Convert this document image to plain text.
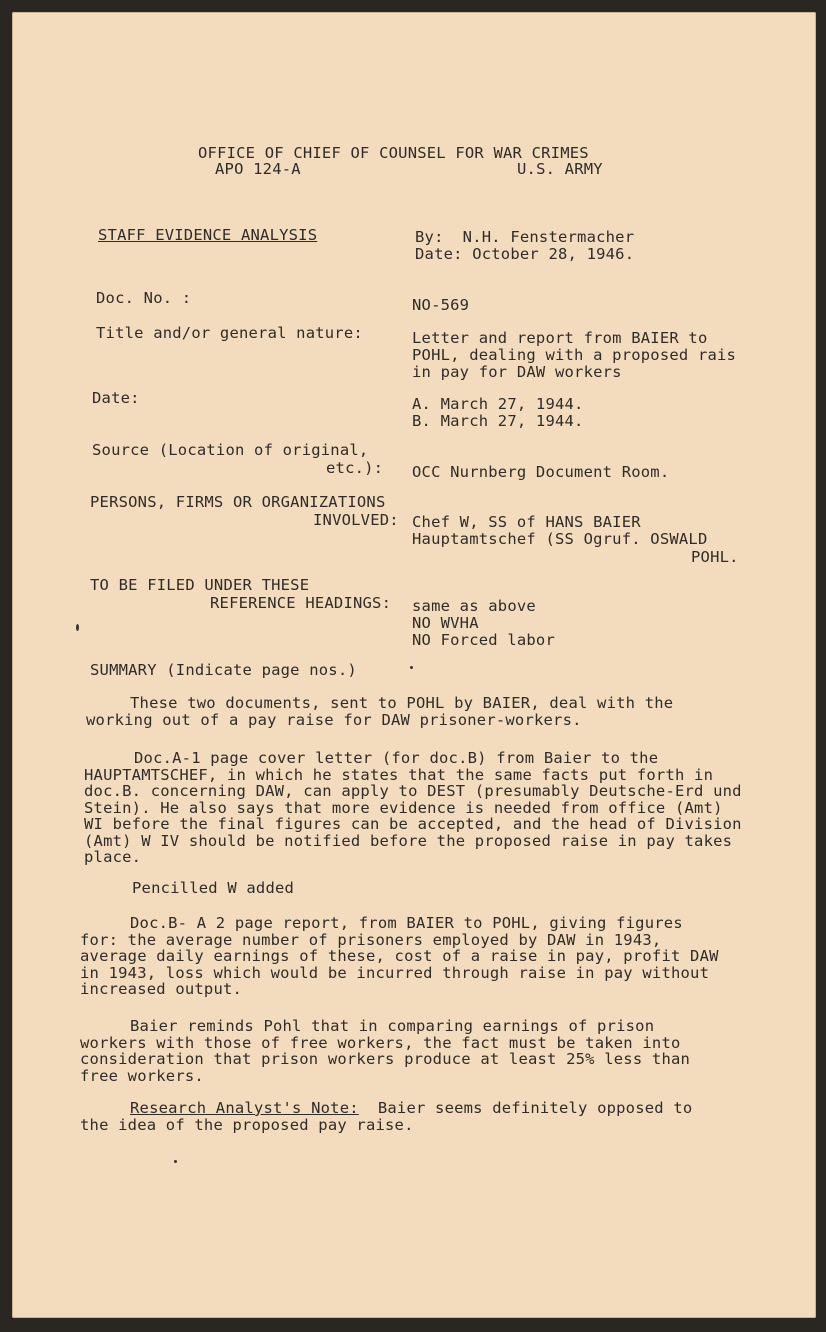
OFFICE OF CHIEF OF COUNSEL FOR WAR CRIMES
APO 124-A	U.S. ARMY
STAFF EVIDENCE ANALYSIS	By:  N.H. Fenstermacher
Date: October 28, 1946.
Doc. No. :	NO-569
Title and/or general nature:	Letter and report from BAIER to
POHL, dealing with a proposed rais
in pay for DAW workers
Date:	A. March 27, 1944.
B. March 27, 1944.
Source (Location of original,
etc.): OCC Nurnberg Document Room.
PERSONS, FIRMS OR ORGANIZATIONS
INVOLVED: Chef W, SS of HANS BAIER
Hauptamtschef (SS Ogruf. OSWALD
POHL.
TO BE FILED UNDER THESE
REFERENCE HEADINGS: same as above
NO WVHA
NO Forced labor
SUMMARY (Indicate page nos.)
These two documents, sent to POHL by BAIER, deal with the working out of a pay raise for DAW prisoner-workers.
Doc.A-1 page cover letter (for doc.B) from Baier to the HAUPTAMTSCHEF, in which he states that the same facts put forth in doc.B. concerning DAW, can apply to DEST (presumably Deutsche-Erd und Stein). He also says that more evidence is needed from office (Amt) WI before the final figures can be accepted, and the head of Division (Amt) W IV should be notified before the proposed raise in pay takes place.
Pencilled W added
Doc.B- A 2 page report, from BAIER to POHL, giving figures for: the average number of prisoners employed by DAW in 1943, average daily earnings of these, cost of a raise in pay, profit DAW in 1943, loss which would be incurred through raise in pay without increased output.
Baier reminds Pohl that in comparing earnings of prison workers with those of free workers, the fact must be taken into consideration that prison workers produce at least 25% less than free workers.
Research Analyst's Note: Baier seems definitely opposed to the idea of the proposed pay raise.
